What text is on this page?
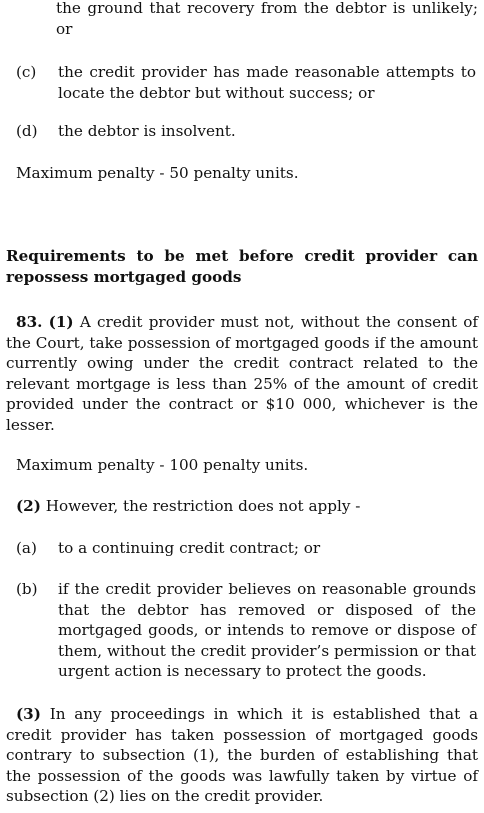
the ground that recovery from the debtor is unlikely; or
(c)	the credit provider has made reasonable attempts to locate the debtor but without success; or
(d)	the debtor is insolvent.
Maximum penalty - 50 penalty units.
Requirements to be met before credit provider can repossess mortgaged goods
83. (1) A credit provider must not, without the consent of the Court, take possession of mortgaged goods if the amount currently owing under the credit contract related to the relevant mortgage is less than 25% of the amount of credit provided under the contract or $10 000, whichever is the lesser.
Maximum penalty - 100 penalty units.
(2) However, the restriction does not apply -
(a)	to a continuing credit contract; or
(b)	if the credit provider believes on reasonable grounds that the debtor has removed or disposed of the mortgaged goods, or intends to remove or dispose of them, without the credit provider’s permission or that urgent action is necessary to protect the goods.
(3) In any proceedings in which it is established that a credit provider has taken possession of mortgaged goods contrary to subsection (1), the burden of establishing that the possession of the goods was lawfully taken by virtue of subsection (2) lies on the credit provider.
